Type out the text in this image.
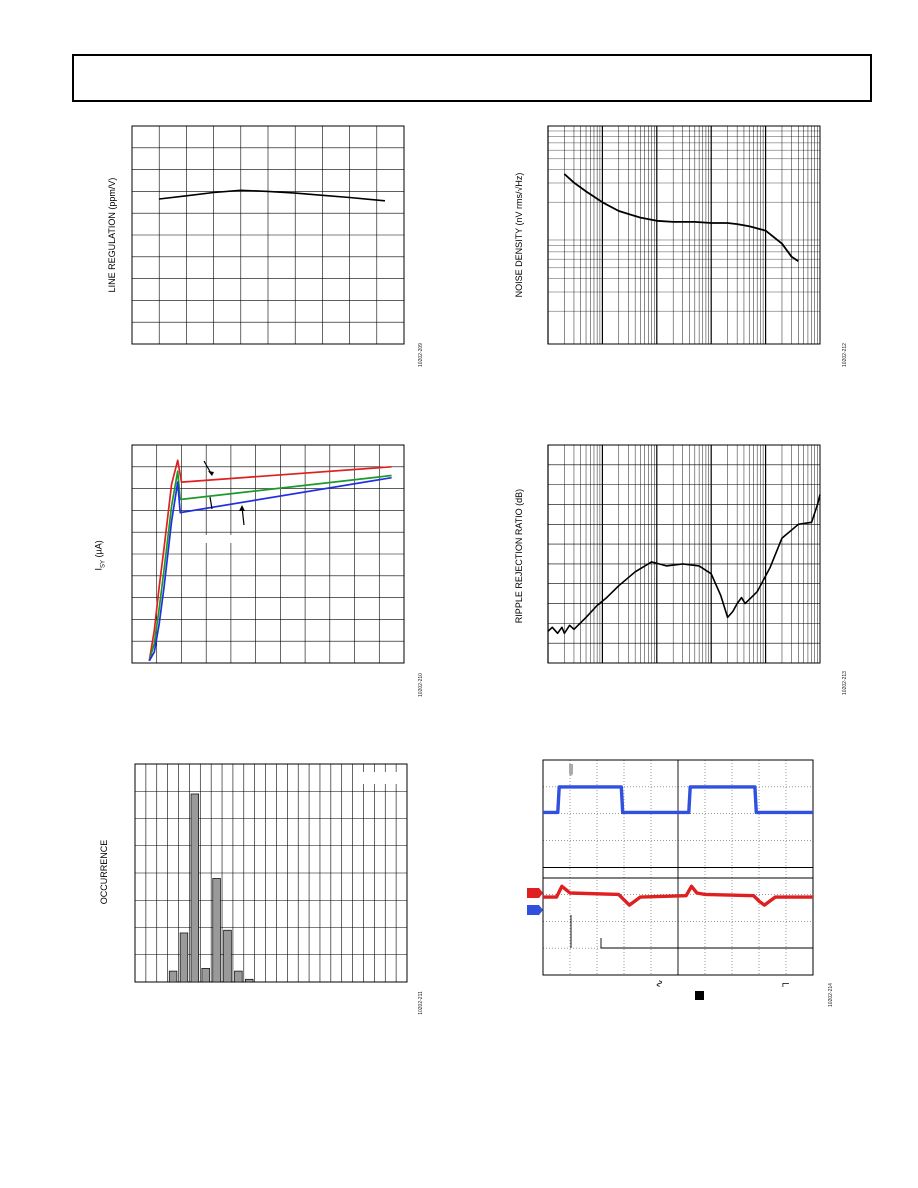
LINE REGULATION (ppm/V)
10202-209
NOISE DENSITY (nV rms/√Hz)
10202-212
$I_{SY}$ (µA)
10202-210
RIPPLE REJECTION RATIO (dB)
10202-213
OCCURRENCE
10202-211
∿	┐	10202-214
